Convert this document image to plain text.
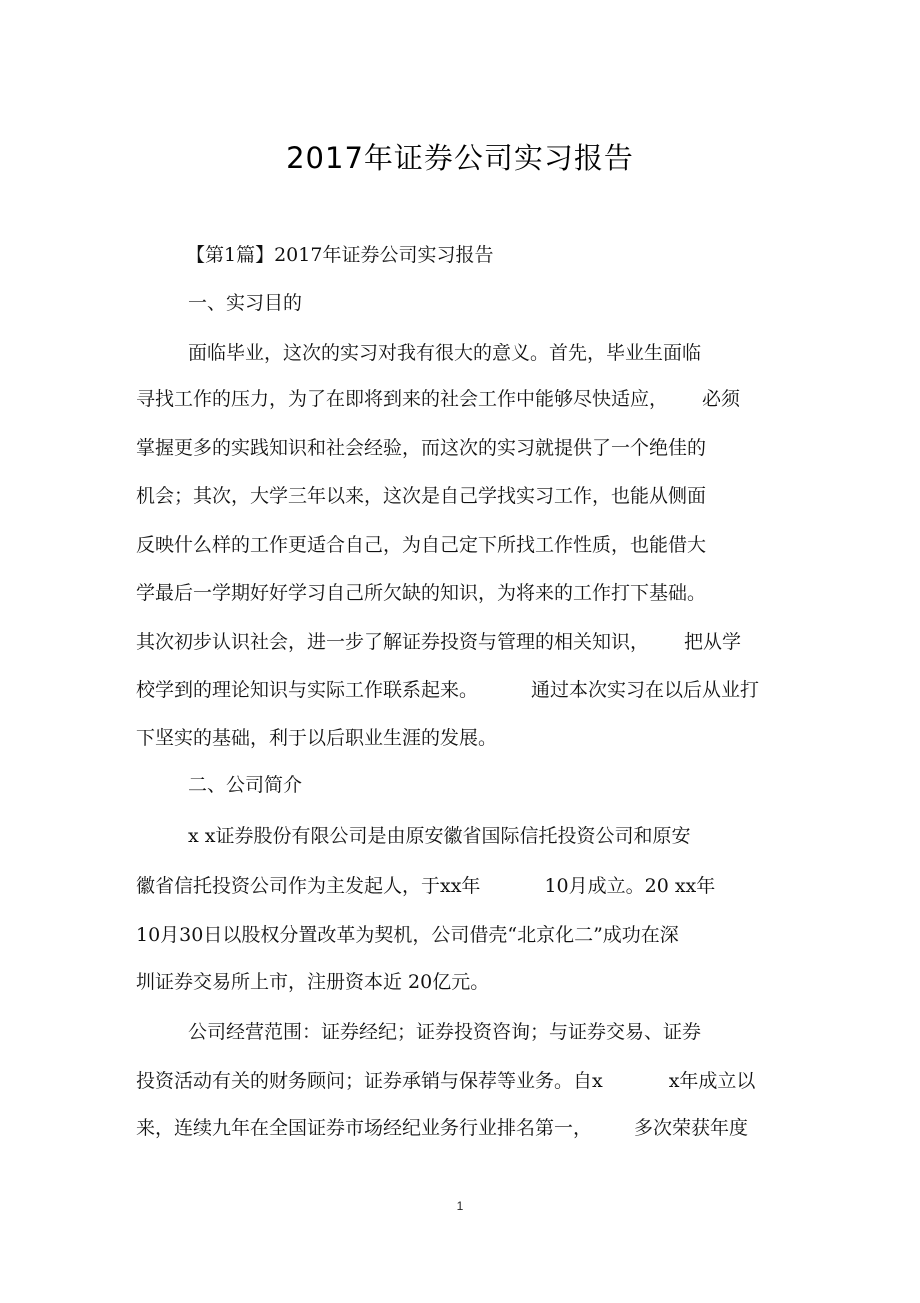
2017年证券公司实习报告
【第1篇】2017年证券公司实习报告
一、实习目的
面临毕业，这次的实习对我有很大的意义。首先，毕业生面临
寻找工作的压力，为了在即将到来的社会工作中能够尽快适应， 必须
掌握更多的实践知识和社会经验，而这次的实习就提供了一个绝佳的
机会；其次，大学三年以来，这次是自己学找实习工作，也能从侧面
反映什么样的工作更适合自己，为自己定下所找工作性质，也能借大
学最后一学期好好学习自己所欠缺的知识，为将来的工作打下基础。
其次初步认识社会，进一步了解证券投资与管理的相关知识， 把从学
校学到的理论知识与实际工作联系起来。	通过本次实习在以后从业打
下坚实的基础，利于以后职业生涯的发展。
二、公司简介
x x证券股份有限公司是由原安徽省国际信托投资公司和原安
徽省信托投资公司作为主发起人，于xx年	10月成立。20 xx年
10月30日以股权分置改革为契机，公司借壳“北京化二”成功在深
圳证券交易所上市，注册资本近 20亿元。
公司经营范围：证券经纪；证券投资咨询；与证券交易、证券
投资活动有关的财务顾问；证券承销与保荐等业务。自x	x年成立以
来，连续九年在全国证券市场经纪业务行业排名第一， 多次荣获年度
1
